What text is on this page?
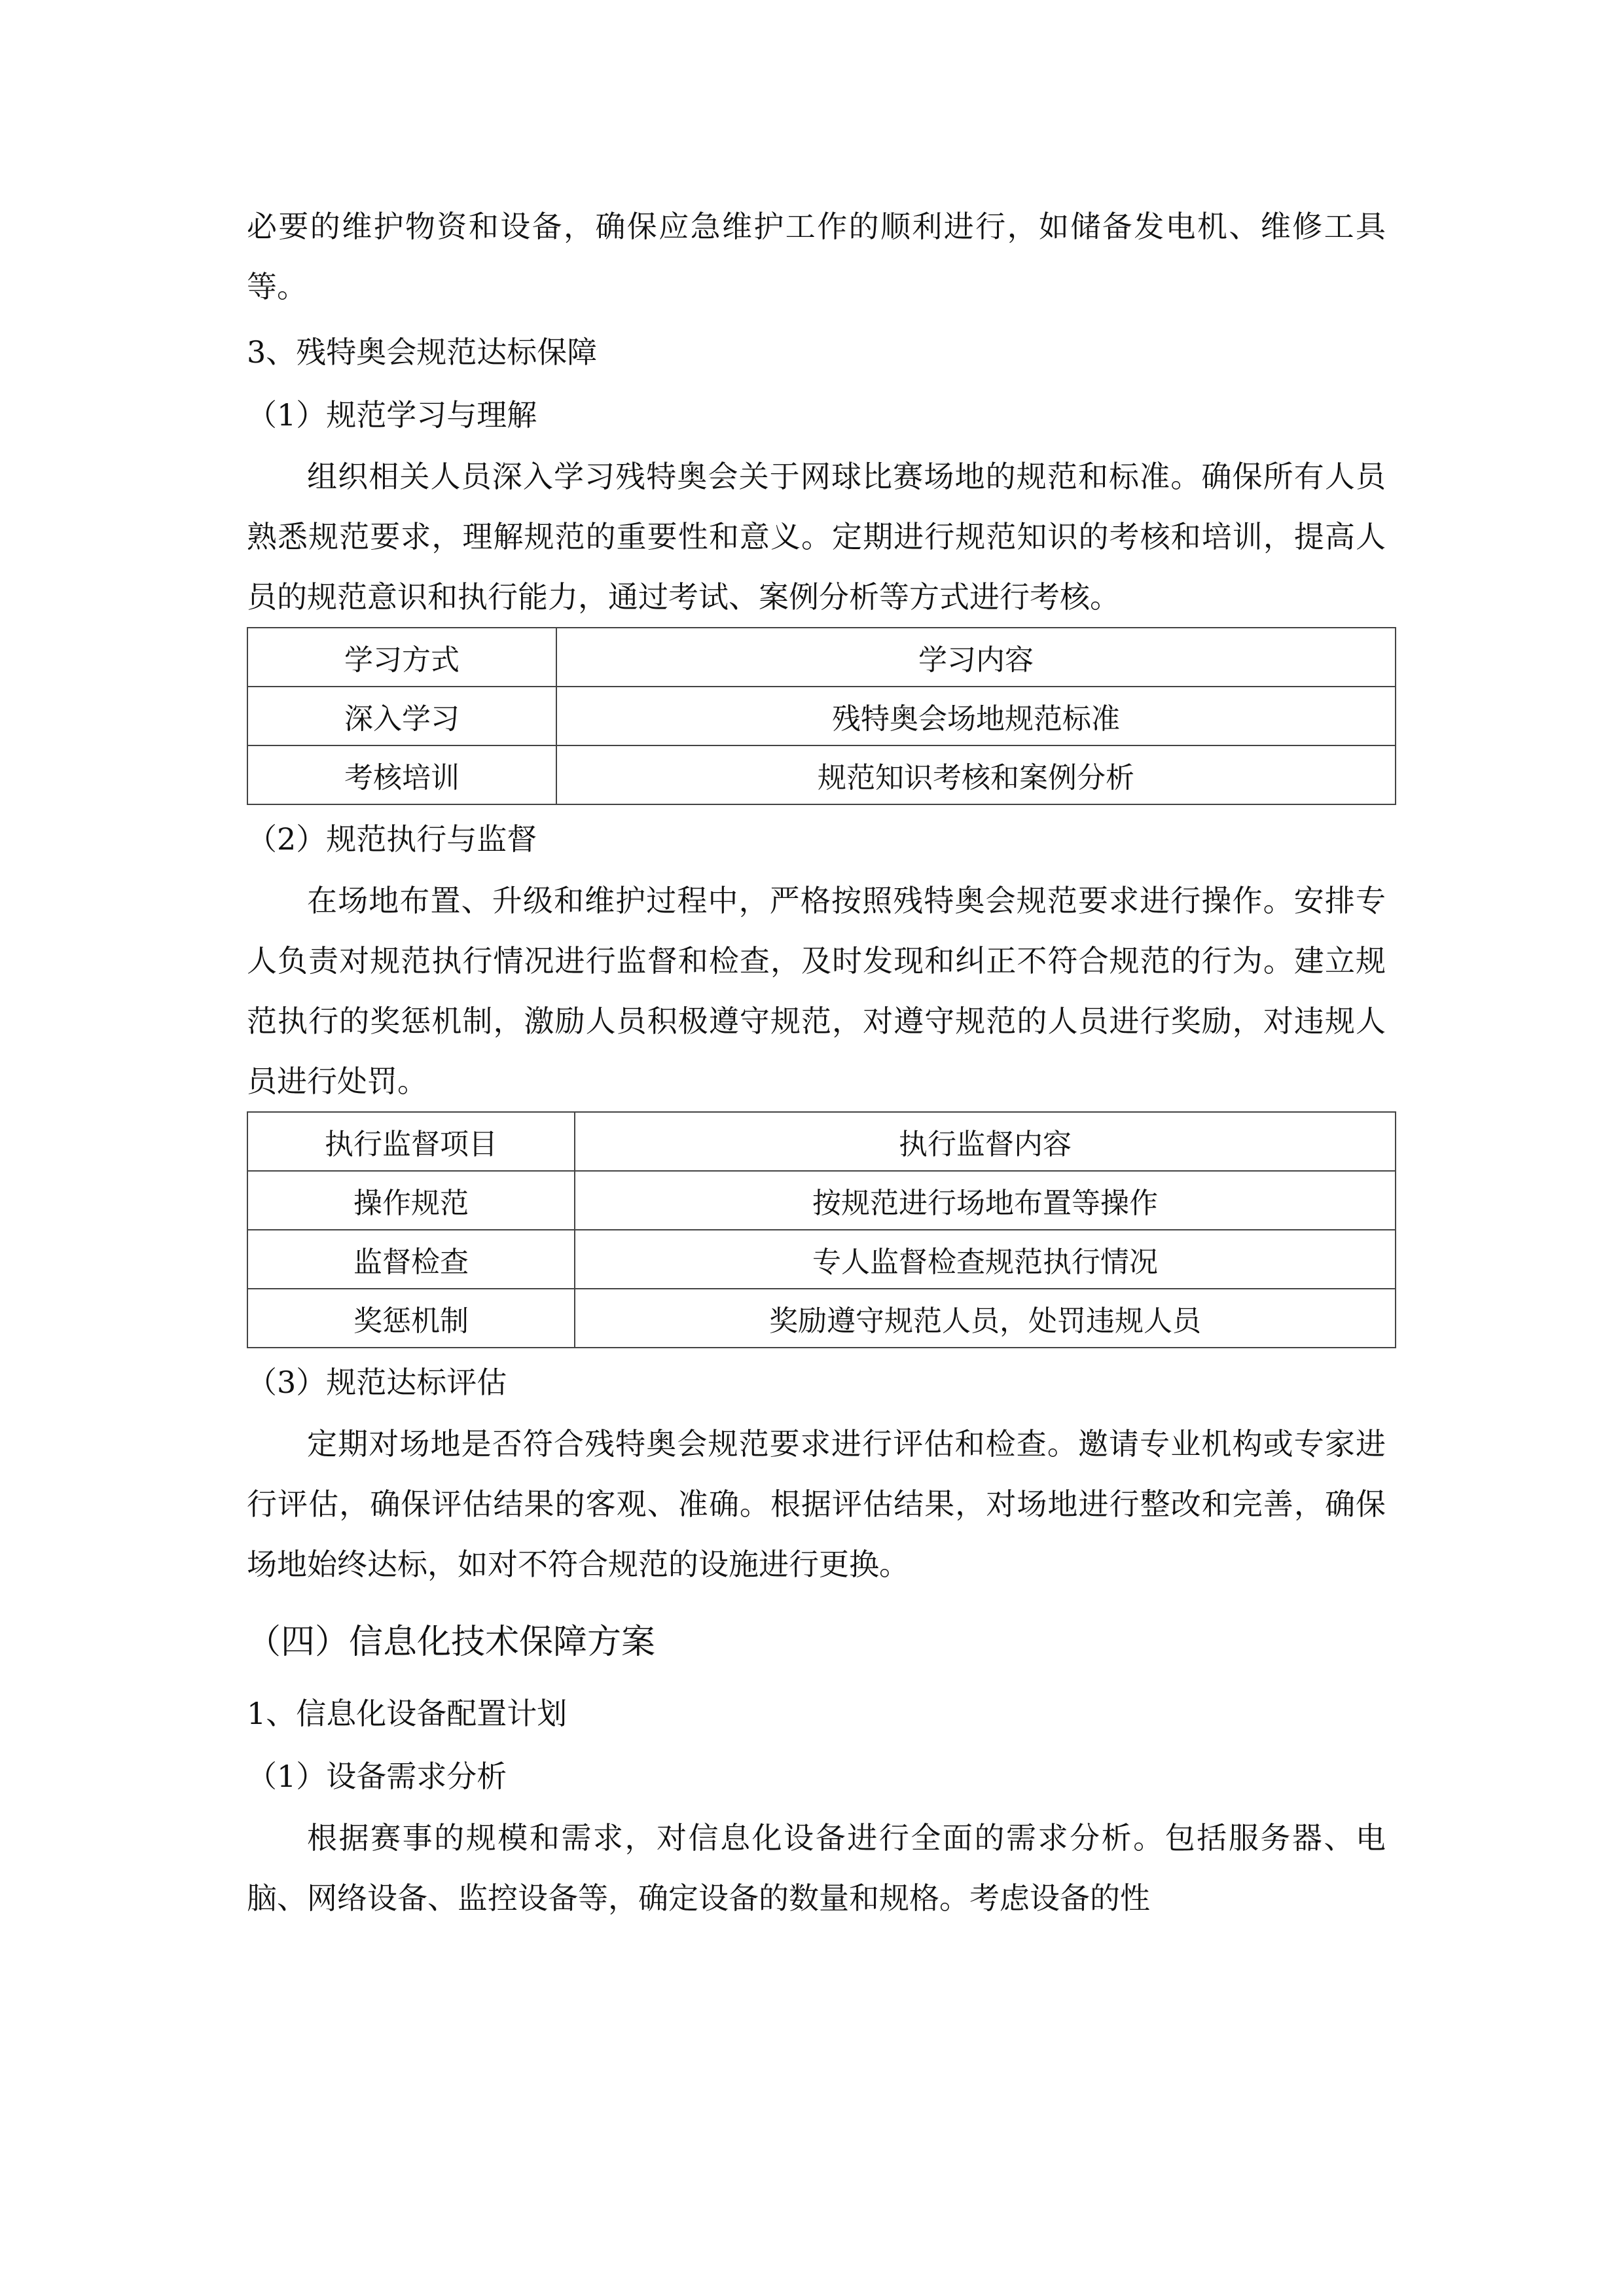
必要的维护物资和设备，确保应急维护工作的顺利进行，如储备发电机、维修工具等。

3、残特奥会规范达标保障

（1）规范学习与理解

组织相关人员深入学习残特奥会关于网球比赛场地的规范和标准。确保所有人员熟悉规范要求，理解规范的重要性和意义。定期进行规范知识的考核和培训，提高人员的规范意识和执行能力，通过考试、案例分析等方式进行考核。

学习方式	学习内容
深入学习	残特奥会场地规范标准
考核培训	规范知识考核和案例分析

（2）规范执行与监督

在场地布置、升级和维护过程中，严格按照残特奥会规范要求进行操作。安排专人负责对规范执行情况进行监督和检查，及时发现和纠正不符合规范的行为。建立规范执行的奖惩机制，激励人员积极遵守规范，对遵守规范的人员进行奖励，对违规人员进行处罚。

执行监督项目	执行监督内容
操作规范	按规范进行场地布置等操作
监督检查	专人监督检查规范执行情况
奖惩机制	奖励遵守规范人员，处罚违规人员

（3）规范达标评估

定期对场地是否符合残特奥会规范要求进行评估和检查。邀请专业机构或专家进行评估，确保评估结果的客观、准确。根据评估结果，对场地进行整改和完善，确保场地始终达标，如对不符合规范的设施进行更换。

（四）信息化技术保障方案

1、信息化设备配置计划

（1）设备需求分析

根据赛事的规模和需求，对信息化设备进行全面的需求分析。包括服务器、电脑、网络设备、监控设备等，确定设备的数量和规格。考虑设备的性
